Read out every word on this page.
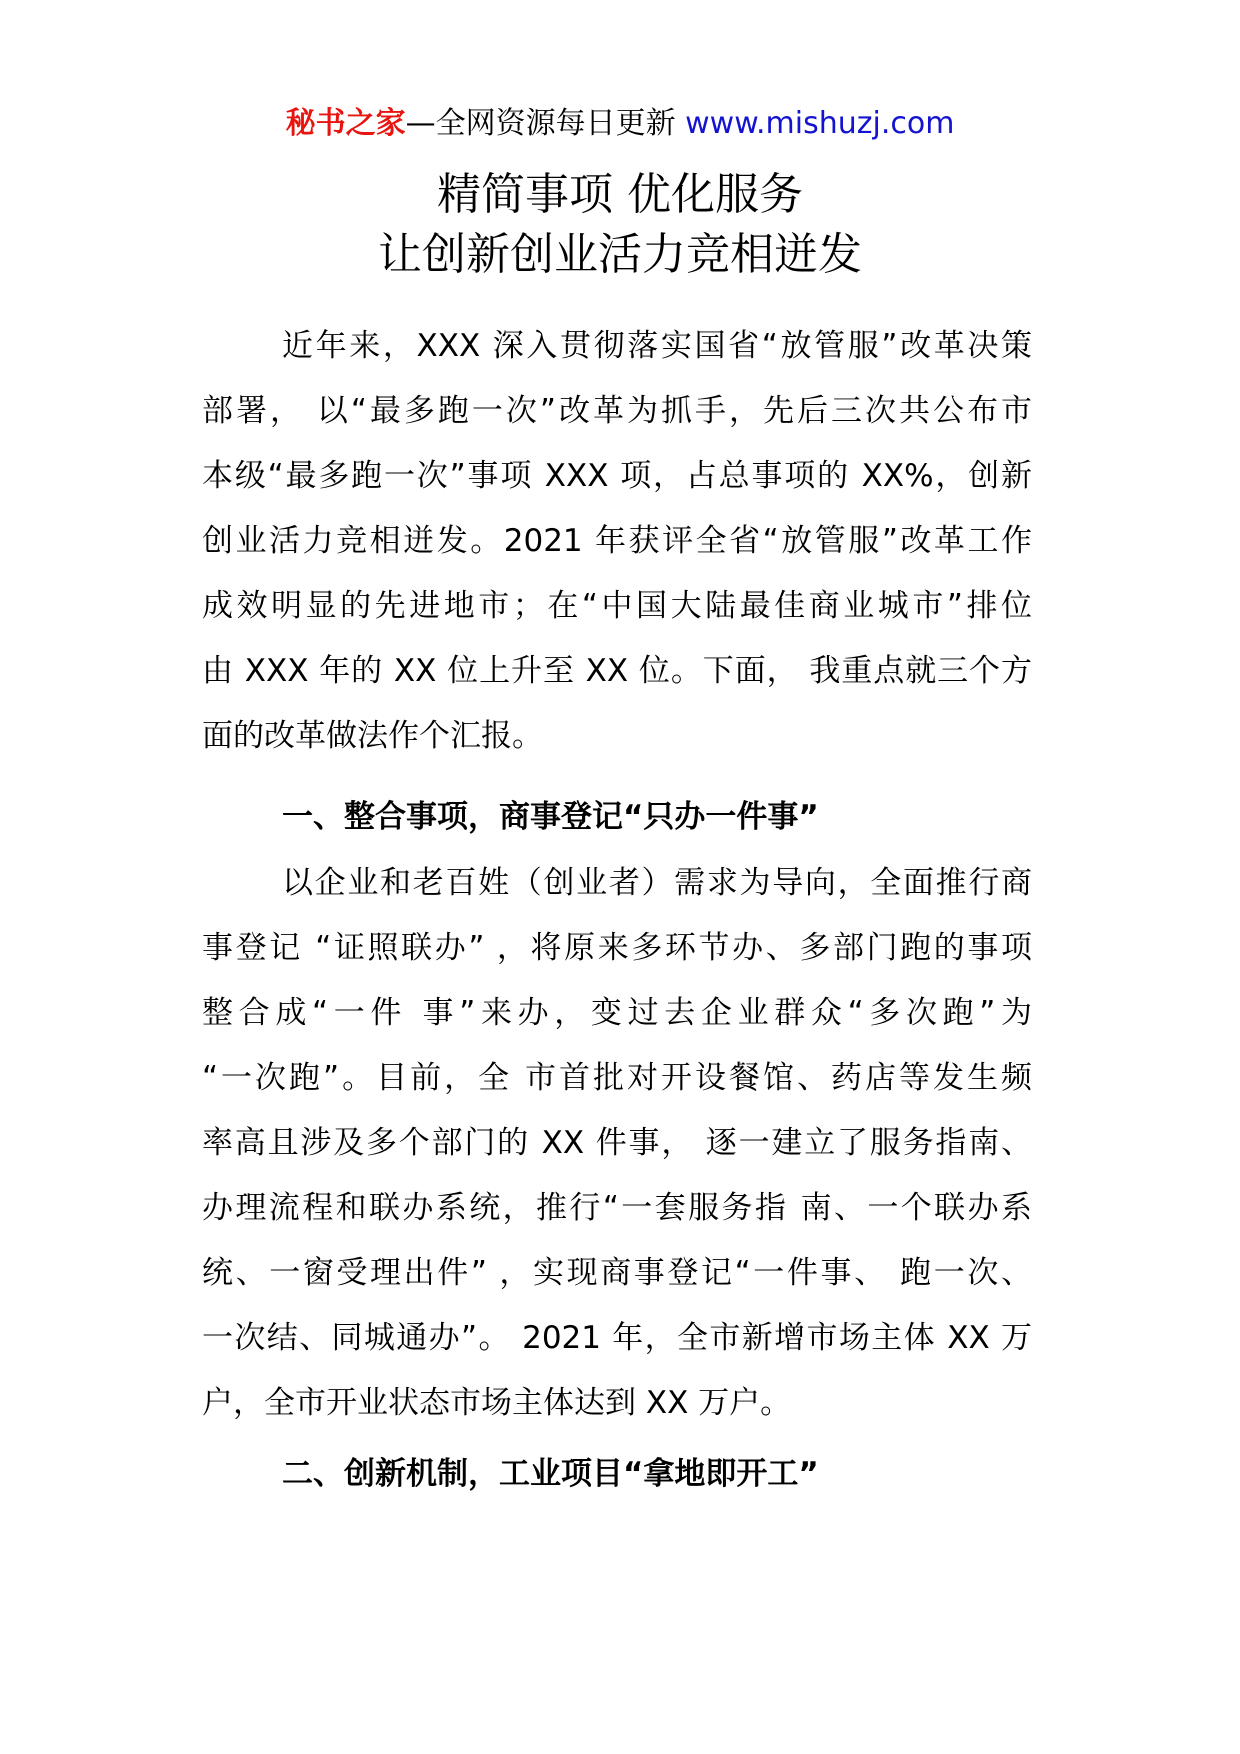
秘书之家—全网资源每日更新 www.mishuzj.com
精简事项 优化服务
让创新创业活力竞相迸发
近年来，XXX 深入贯彻落实国省“放管服”改革决策
部署， 以“最多跑一次”改革为抓手，先后三次共公布市
本级“最多跑一次”事项 XXX 项，占总事项的 XX%，创新
创业活力竞相迸发。2021 年获评全省“放管服”改革工作
成效明显的先进地市；在“中国大陆最佳商业城市”排位
由 XXX 年的 XX 位上升至 XX 位。下面， 我重点就三个方
面的改革做法作个汇报。
一、整合事项，商事登记“只办一件事”
以企业和老百姓（创业者）需求为导向，全面推行商
事登记 “证照联办” ，将原来多环节办、多部门跑的事项
整合成“一件 事”来办，变过去企业群众“多次跑”为
“一次跑”。目前，全 市首批对开设餐馆、药店等发生频
率高且涉及多个部门的 XX 件事， 逐一建立了服务指南、
办理流程和联办系统，推行“一套服务指 南、一个联办系
统、一窗受理出件” ，实现商事登记“一件事、 跑一次、
一次结、同城通办”。 2021 年，全市新增市场主体 XX 万
户，全市开业状态市场主体达到 XX 万户。
二、创新机制，工业项目“拿地即开工”
